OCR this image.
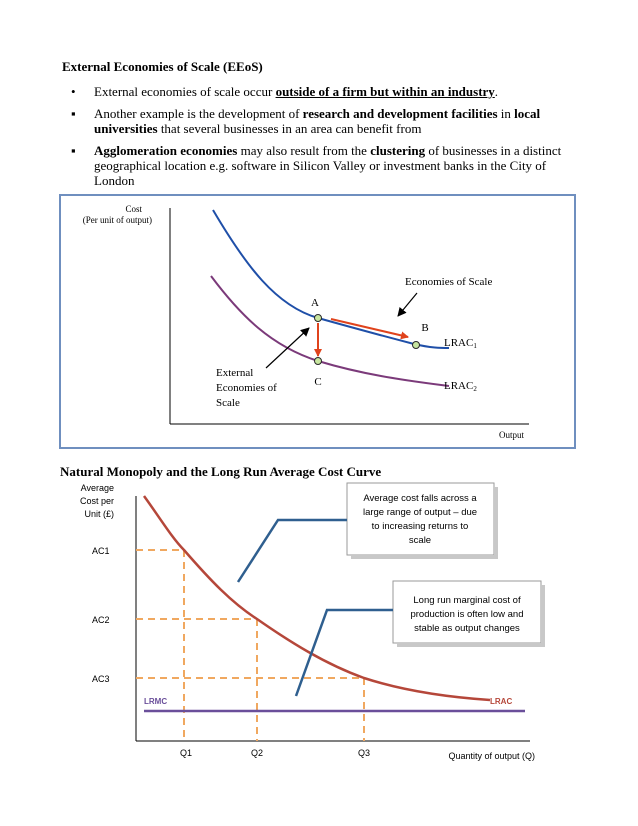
External Economies of Scale (EEoS)
• External economies of scale occur outside of a firm but within an industry.
▪ Another example is the development of research and development facilities in local universities that several businesses in an area can benefit from
▪ Agglomeration economies may also result from the clustering of businesses in a distinct geographical location e.g. software in Silicon Valley or investment banks in the City of London
Cost
(Per unit of output)
Output
A
B
C
Economies of Scale
LRAC1
LRAC2
External
Economies of
Scale
Natural Monopoly and the Long Run Average Cost Curve
Average
Cost per
Unit (£)
AC1
AC2
AC3
Q1	Q2	Q3	Quantity of output (Q)
LRMC	LRAC
Average cost falls across a
large range of output – due
to increasing returns to
scale
Long run marginal cost of
production is often low and
stable as output changes
